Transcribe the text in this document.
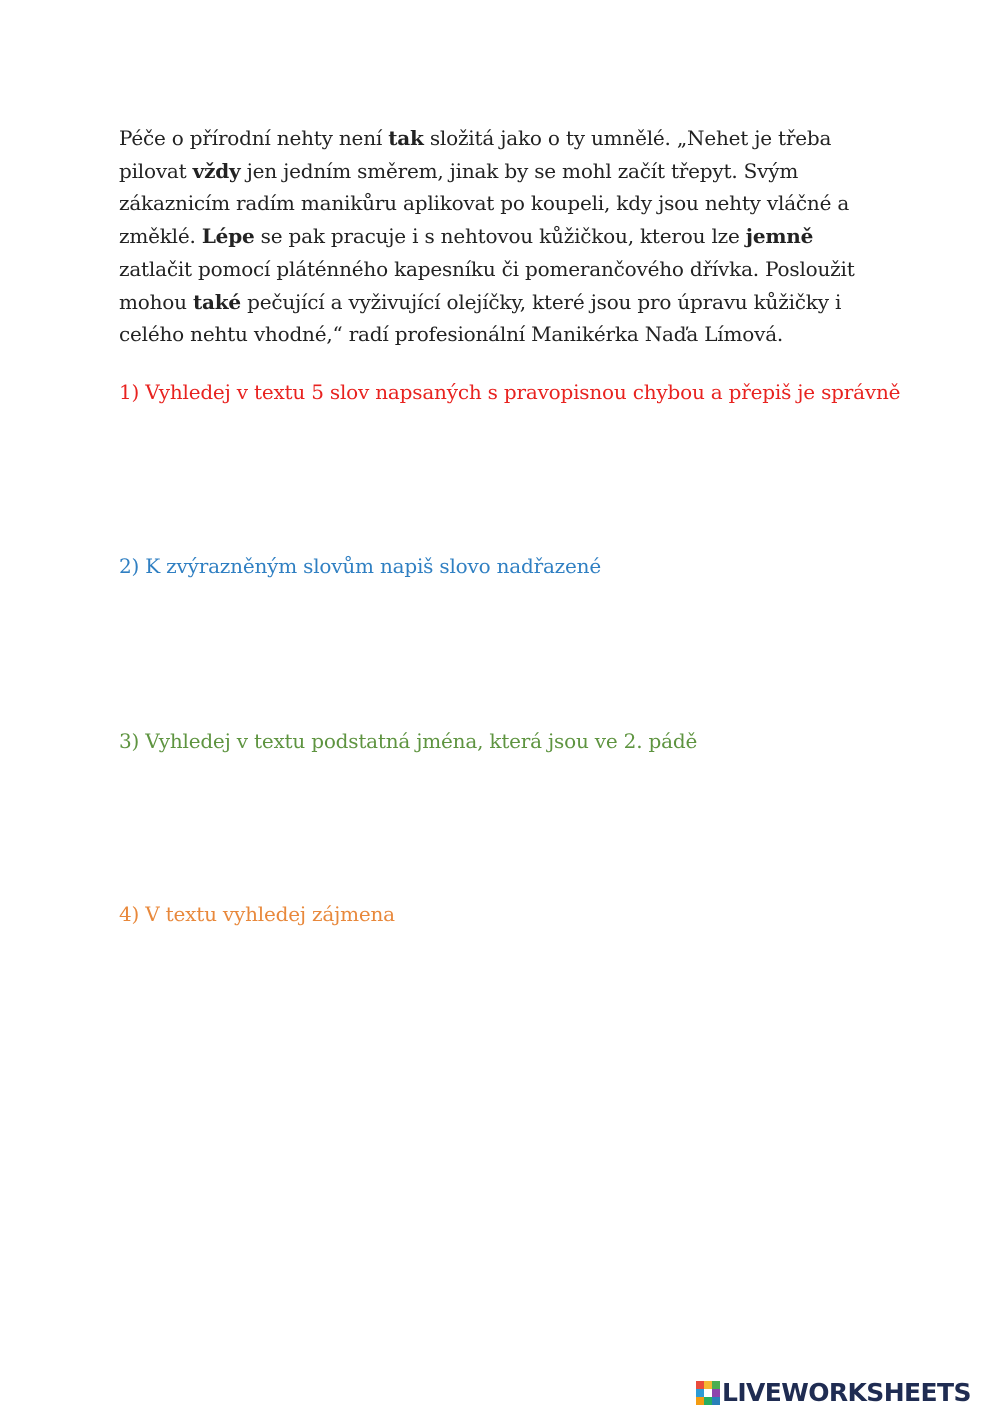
Péče o přírodní nehty není tak složitá jako o ty umnělé. „Nehet je třeba pilovat vždy jen jedním směrem, jinak by se mohl začít třepyt. Svým zákaznicím radím manikůru aplikovat po koupeli, kdy jsou nehty vláčné a změklé. Lépe se pak pracuje i s nehtovou kůžičkou, kterou lze jemně zatlačit pomocí pláténného kapesníku či pomerančového dřívka. Posloužit mohou také pečující a vyživující olejíčky, které jsou pro úpravu kůžičky i celého nehtu vhodné,“ radí profesionální Manikérka Naďa Límová.

1) Vyhledej v textu 5 slov napsaných s pravopisnou chybou a přepiš je správně

2) K zvýrazněným slovům napiš slovo nadřazené

3) Vyhledej v textu podstatná jména, která jsou ve 2. pádě

4) V textu vyhledej zájmena

LIVEWORKSHEETS
